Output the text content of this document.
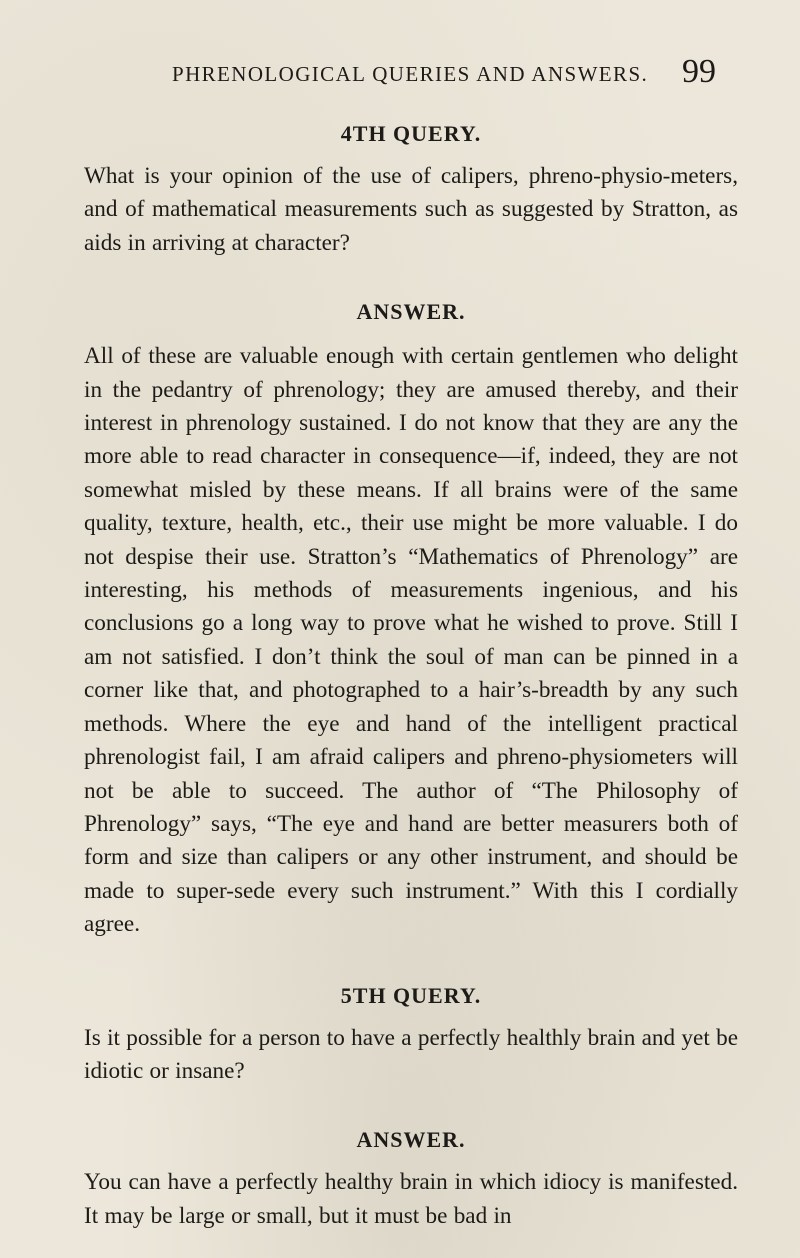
PHRENOLOGICAL QUERIES AND ANSWERS. 99
4TH QUERY.

What is your opinion of the use of calipers, phreno-physio-meters, and of mathematical measurements such as suggested by Stratton, as aids in arriving at character?

ANSWER.

All of these are valuable enough with certain gentlemen who delight in the pedantry of phrenology; they are amused thereby, and their interest in phrenology sustained. I do not know that they are any the more able to read character in consequence—if, indeed, they are not somewhat misled by these means. If all brains were of the same quality, texture, health, etc., their use might be more valuable. I do not despise their use. Stratton’s “Mathematics of Phrenology” are interesting, his methods of measurements ingenious, and his conclusions go a long way to prove what he wished to prove. Still I am not satisfied. I don’t think the soul of man can be pinned in a corner like that, and photographed to a hair’s-breadth by any such methods. Where the eye and hand of the intelligent practical phrenologist fail, I am afraid calipers and phreno-physiometers will not be able to succeed. The author of “The Philosophy of Phrenology” says, “The eye and hand are better measurers both of form and size than calipers or any other instrument, and should be made to super-sede every such instrument.” With this I cordially agree.

5TH QUERY.

Is it possible for a person to have a perfectly healthly brain and yet be idiotic or insane?

ANSWER.

You can have a perfectly healthy brain in which idiocy is manifested. It may be large or small, but it must be bad in
